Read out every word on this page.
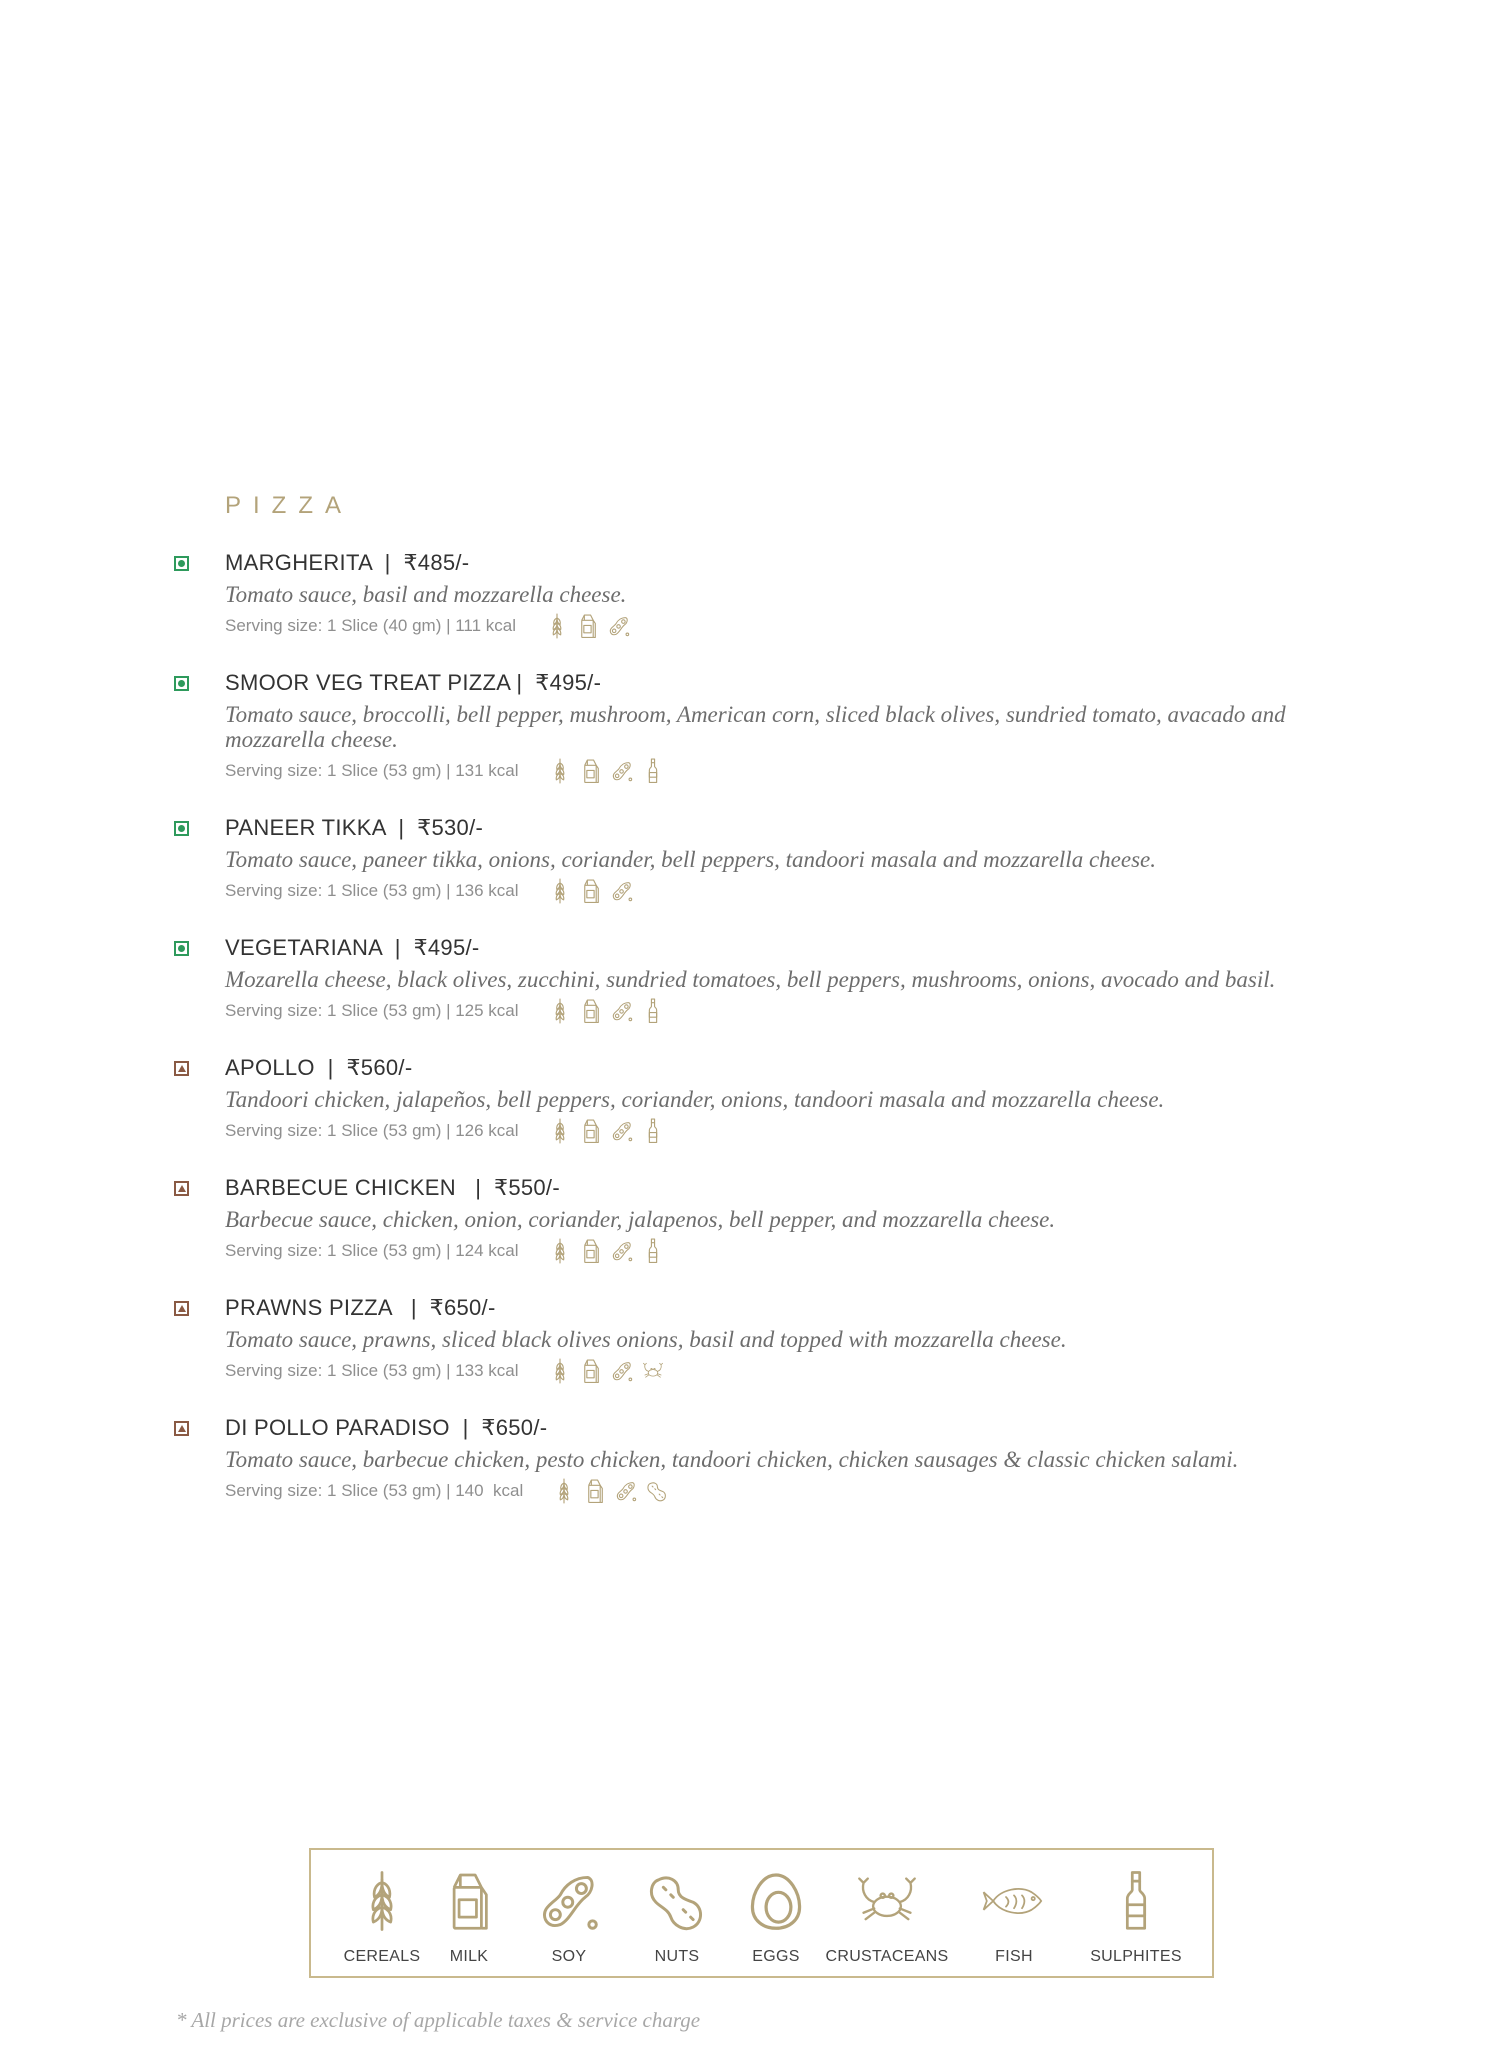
PIZZA
MARGHERITA  |  ₹485/-
Tomato sauce, basil and mozzarella cheese.
Serving size: 1 Slice (40 gm) | 111 kcal
SMOOR VEG TREAT PIZZA |  ₹495/-
Tomato sauce, broccolli, bell pepper, mushroom, American corn, sliced black olives, sundried tomato, avacado and mozzarella cheese.
Serving size: 1 Slice (53 gm) | 131 kcal
PANEER TIKKA  |  ₹530/-
Tomato sauce, paneer tikka, onions, coriander, bell peppers, tandoori masala and mozzarella cheese.
Serving size: 1 Slice (53 gm) | 136 kcal
VEGETARIANA  |  ₹495/-
Mozarella cheese, black olives, zucchini, sundried tomatoes, bell peppers, mushrooms, onions, avocado and basil.
Serving size: 1 Slice (53 gm) | 125 kcal
APOLLO  |  ₹560/-
Tandoori chicken, jalapeños, bell peppers, coriander, onions, tandoori masala and mozzarella cheese.
Serving size: 1 Slice (53 gm) | 126 kcal
BARBECUE CHICKEN   |  ₹550/-
Barbecue sauce, chicken, onion, coriander, jalapenos, bell pepper, and mozzarella cheese.
Serving size: 1 Slice (53 gm) | 124 kcal
PRAWNS PIZZA   |  ₹650/-
Tomato sauce, prawns, sliced black olives onions, basil and topped with mozzarella cheese.
Serving size: 1 Slice (53 gm) | 133 kcal
DI POLLO PARADISO  |  ₹650/-
Tomato sauce, barbecue chicken, pesto chicken, tandoori chicken, chicken sausages & classic chicken salami.
Serving size: 1 Slice (53 gm) | 140  kcal
CEREALS MILK	SOY	NUTS	EGGS CRUSTACEANS	FISH	SULPHITES
* All prices are exclusive of applicable taxes & service charge
